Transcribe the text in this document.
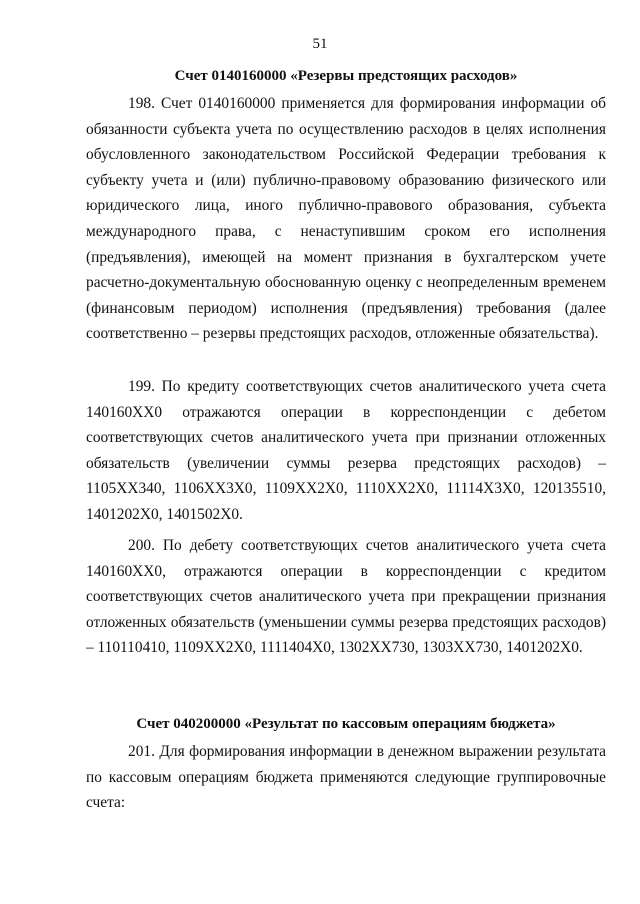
51
Счет 0140160000 «Резервы предстоящих расходов»

198. Счет 0140160000 применяется для формирования информации об обязанности субъекта учета по осуществлению расходов в целях исполнения обусловленного законодательством Российской Федерации требования к субъекту учета и (или) публично-правовому образованию физического или юридического лица, иного публично-правового образования, субъекта международного права, с ненаступившим сроком его исполнения (предъявления), имеющей на момент признания в бухгалтерском учете расчетно-документальную обоснованную оценку с неопределенным временем (финансовым периодом) исполнения (предъявления) требования (далее соответственно – резервы предстоящих расходов, отложенные обязательства).

199. По кредиту соответствующих счетов аналитического учета счета 140160ХХ0 отражаются операции в корреспонденции с дебетом соответствующих счетов аналитического учета при признании отложенных обязательств (увеличении суммы резерва предстоящих расходов) – 1105ХХ340, 1106ХХ3Х0, 1109ХХ2Х0, 1110ХХ2Х0, 11114Х3Х0, 120135510, 1401202Х0, 1401502Х0.

200. По дебету соответствующих счетов аналитического учета счета 140160ХХ0, отражаются операции в корреспонденции с кредитом соответствующих счетов аналитического учета при прекращении признания отложенных обязательств (уменьшении суммы резерва предстоящих расходов) – 110110410, 1109ХХ2Х0, 1111404Х0, 1302ХХ730, 1303ХХ730, 1401202Х0.

Счет 040200000 «Результат по кассовым операциям бюджета»

201. Для формирования информации в денежном выражении результата по кассовым операциям бюджета применяются следующие группировочные счета:
